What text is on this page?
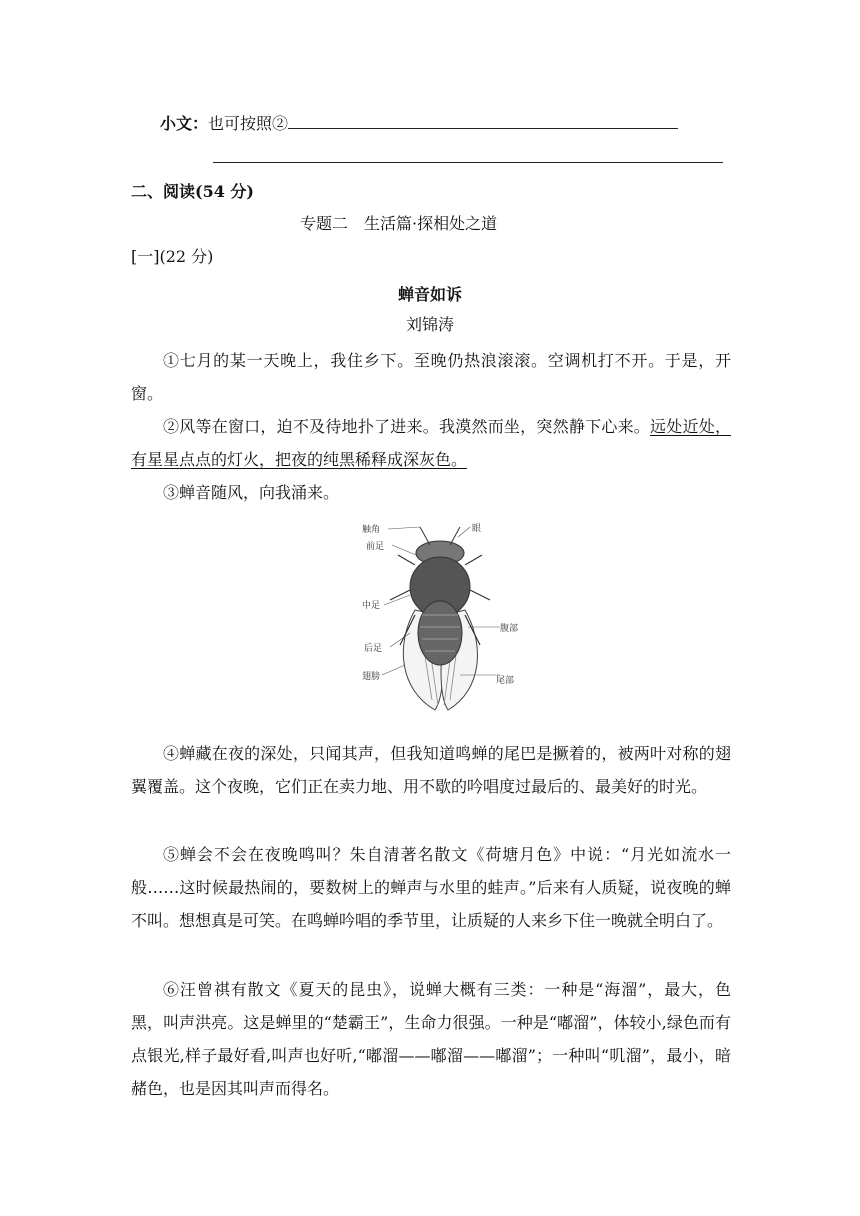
小文：也可按照②
二、阅读(54 分)
专题二　生活篇·探相处之道
[一](22 分)
蝉音如诉
刘锦涛
①七月的某一天晚上，我住乡下。至晚仍热浪滚滚。空调机打不开。于是，开窗。
②风等在窗口，迫不及待地扑了进来。我漠然而坐，突然静下心来。远处近处，有星星点点的灯火，把夜的纯黑稀释成深灰色。
③蝉音随风，向我涌来。
触角	眼
前足
中足
后足
翅膀
腹部
尾部
④蝉藏在夜的深处，只闻其声，但我知道鸣蝉的尾巴是撅着的，被两叶对称的翅翼覆盖。这个夜晚，它们正在卖力地、用不歇的吟唱度过最后的、最美好的时光。
⑤蝉会不会在夜晚鸣叫？朱自清著名散文《荷塘月色》中说：“月光如流水一般……这时候最热闹的，要数树上的蝉声与水里的蛙声。”后来有人质疑，说夜晚的蝉不叫。想想真是可笑。在鸣蝉吟唱的季节里，让质疑的人来乡下住一晚就全明白了。
⑥汪曾祺有散文《夏天的昆虫》，说蝉大概有三类：一种是“海溜”，最大，色黑，叫声洪亮。这是蝉里的“楚霸王”，生命力很强。一种是“嘟溜”，体较小,绿色而有点银光,样子最好看,叫声也好听,“嘟溜——嘟溜——嘟溜”；一种叫“叽溜”，最小，暗赭色，也是因其叫声而得名。
